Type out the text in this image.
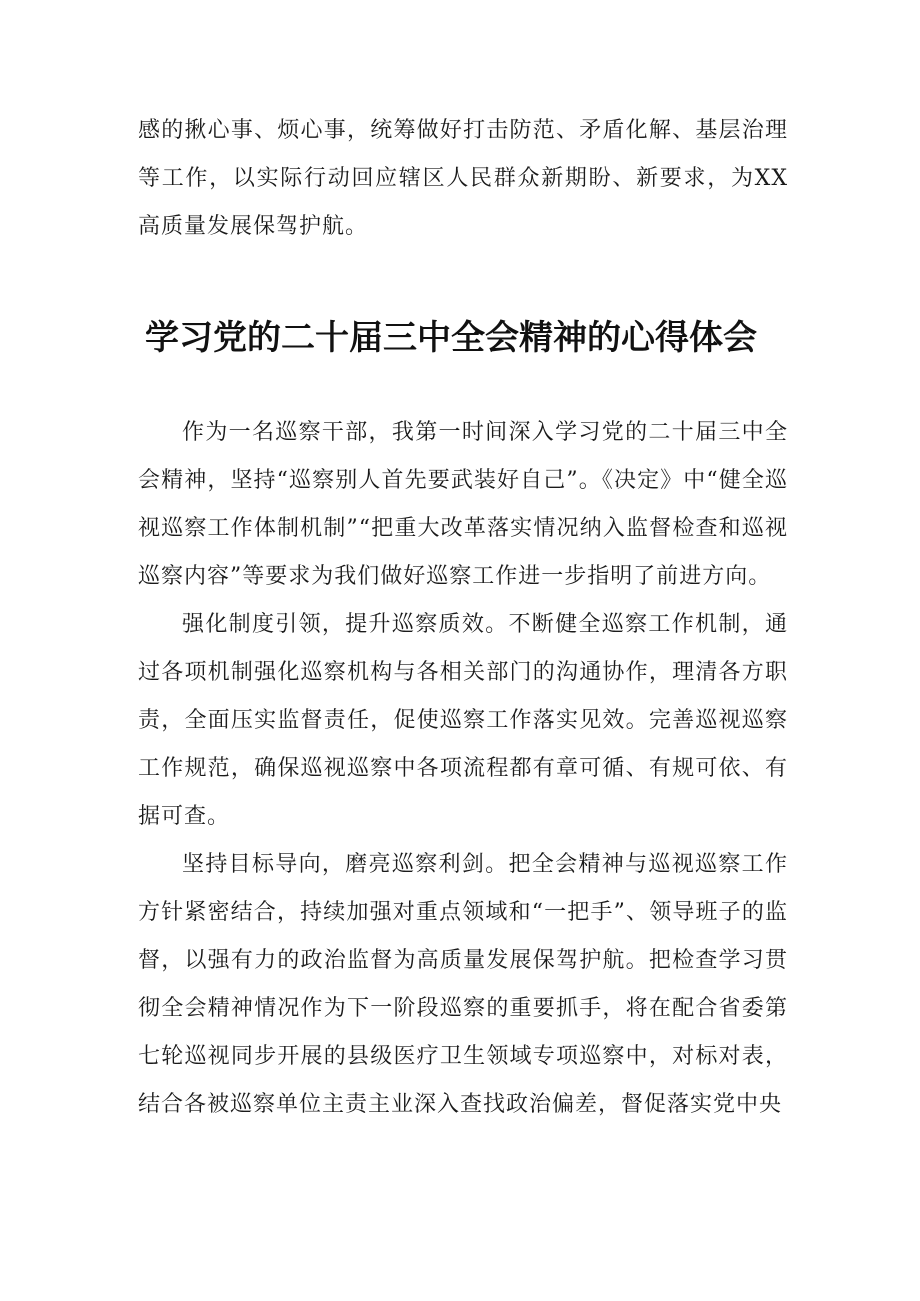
感的揪心事、烦心事，统筹做好打击防范、矛盾化解、基层治理等工作，以实际行动回应辖区人民群众新期盼、新要求，为XX高质量发展保驾护航。

学习党的二十届三中全会精神的心得体会

作为一名巡察干部，我第一时间深入学习党的二十届三中全会精神，坚持“巡察别人首先要武装好自己”。《决定》中“健全巡视巡察工作体制机制”“把重大改革落实情况纳入监督检查和巡视巡察内容”等要求为我们做好巡察工作进一步指明了前进方向。

强化制度引领，提升巡察质效。不断健全巡察工作机制，通过各项机制强化巡察机构与各相关部门的沟通协作，理清各方职责，全面压实监督责任，促使巡察工作落实见效。完善巡视巡察工作规范，确保巡视巡察中各项流程都有章可循、有规可依、有据可查。

坚持目标导向，磨亮巡察利剑。把全会精神与巡视巡察工作方针紧密结合，持续加强对重点领域和“一把手”、领导班子的监督，以强有力的政治监督为高质量发展保驾护航。把检查学习贯彻全会精神情况作为下一阶段巡察的重要抓手，将在配合省委第七轮巡视同步开展的县级医疗卫生领域专项巡察中，对标对表，结合各被巡察单位主责主业深入查找政治偏差，督促落实党中央
